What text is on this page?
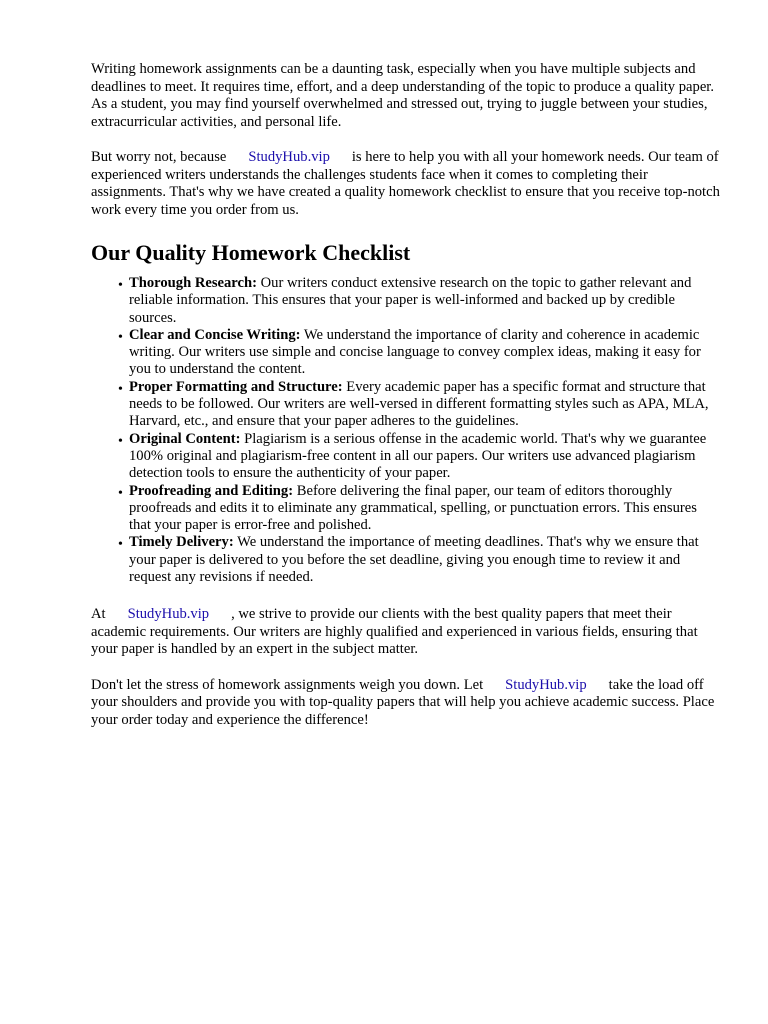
Writing homework assignments can be a daunting task, especially when you have multiple subjects and deadlines to meet. It requires time, effort, and a deep understanding of the topic to produce a quality paper. As a student, you may find yourself overwhelmed and stressed out, trying to juggle between your studies, extracurricular activities, and personal life.

But worry not, because StudyHub.vip is here to help you with all your homework needs. Our team of experienced writers understands the challenges students face when it comes to completing their assignments. That's why we have created a quality homework checklist to ensure that you receive top-notch work every time you order from us.

Our Quality Homework Checklist
• Thorough Research: Our writers conduct extensive research on the topic to gather relevant and reliable information. This ensures that your paper is well-informed and backed up by credible sources.
• Clear and Concise Writing: We understand the importance of clarity and coherence in academic writing. Our writers use simple and concise language to convey complex ideas, making it easy for you to understand the content.
• Proper Formatting and Structure: Every academic paper has a specific format and structure that needs to be followed. Our writers are well-versed in different formatting styles such as APA, MLA, Harvard, etc., and ensure that your paper adheres to the guidelines.
• Original Content: Plagiarism is a serious offense in the academic world. That's why we guarantee 100% original and plagiarism-free content in all our papers. Our writers use advanced plagiarism detection tools to ensure the authenticity of your paper.
• Proofreading and Editing: Before delivering the final paper, our team of editors thoroughly proofreads and edits it to eliminate any grammatical, spelling, or punctuation errors. This ensures that your paper is error-free and polished.
• Timely Delivery: We understand the importance of meeting deadlines. That's why we ensure that your paper is delivered to you before the set deadline, giving you enough time to review it and request any revisions if needed.

At StudyHub.vip , we strive to provide our clients with the best quality papers that meet their academic requirements. Our writers are highly qualified and experienced in various fields, ensuring that your paper is handled by an expert in the subject matter.

Don't let the stress of homework assignments weigh you down. Let StudyHub.vip take the load off your shoulders and provide you with top-quality papers that will help you achieve academic success. Place your order today and experience the difference!
